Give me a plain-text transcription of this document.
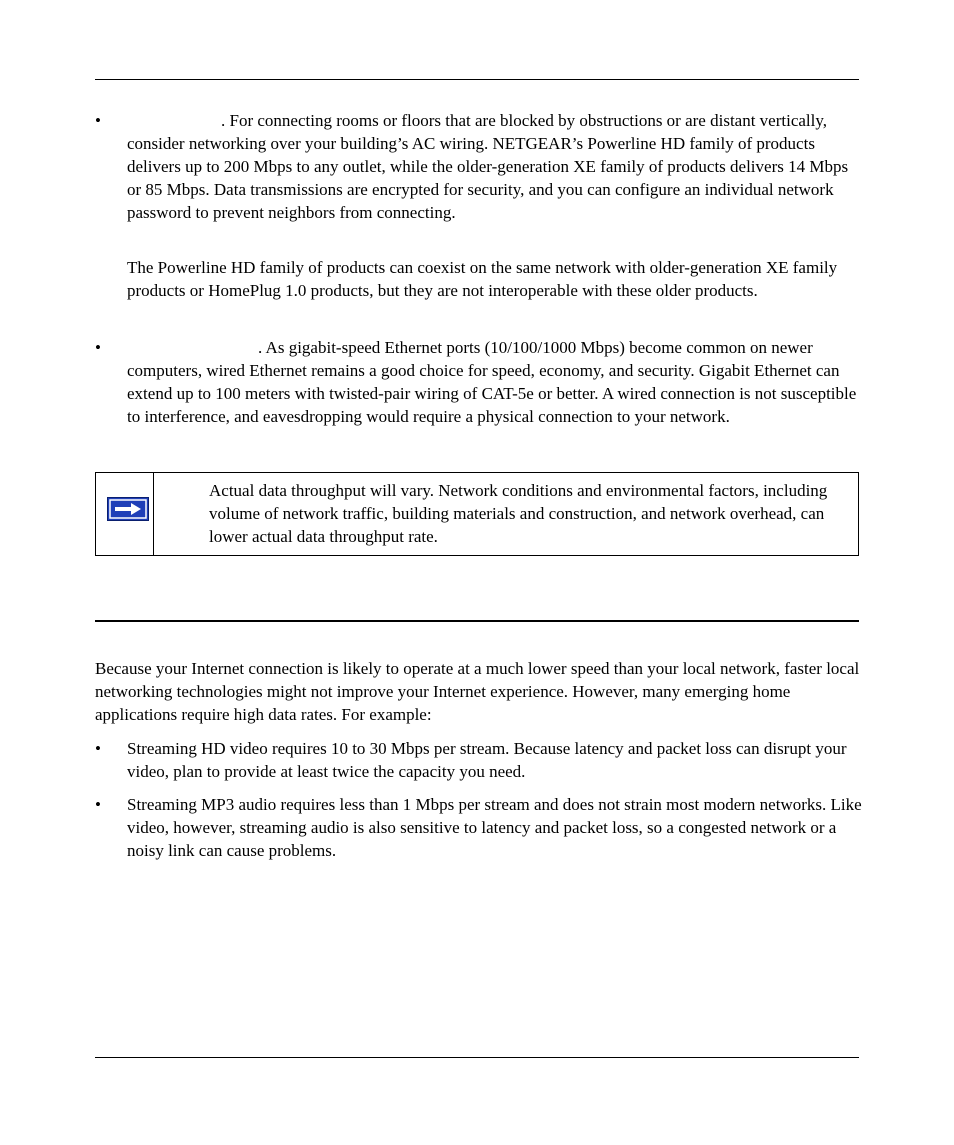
•	. For connecting rooms or floors that are blocked by obstructions or are distant vertically, consider networking over your building’s AC wiring. NETGEAR’s Powerline HD family of products delivers up to 200 Mbps to any outlet, while the older-generation XE family of products delivers 14 Mbps or 85 Mbps. Data transmissions are encrypted for security, and you can configure an individual network password to prevent neighbors from connecting.

The Powerline HD family of products can coexist on the same network with older-generation XE family products or HomePlug 1.0 products, but they are not interoperable with these older products.

•	. As gigabit-speed Ethernet ports (10/100/1000 Mbps) become common on newer computers, wired Ethernet remains a good choice for speed, economy, and security. Gigabit Ethernet can extend up to 100 meters with twisted-pair wiring of CAT-5e or better. A wired connection is not susceptible to interference, and eavesdropping would require a physical connection to your network.

Actual data throughput will vary. Network conditions and environmental factors, including volume of network traffic, building materials and construction, and network overhead, can lower actual data throughput rate.

Because your Internet connection is likely to operate at a much lower speed than your local network, faster local networking technologies might not improve your Internet experience. However, many emerging home applications require high data rates. For example:

• Streaming HD video requires 10 to 30 Mbps per stream. Because latency and packet loss can disrupt your video, plan to provide at least twice the capacity you need.

• Streaming MP3 audio requires less than 1 Mbps per stream and does not strain most modern networks. Like video, however, streaming audio is also sensitive to latency and packet loss, so a congested network or a noisy link can cause problems.
